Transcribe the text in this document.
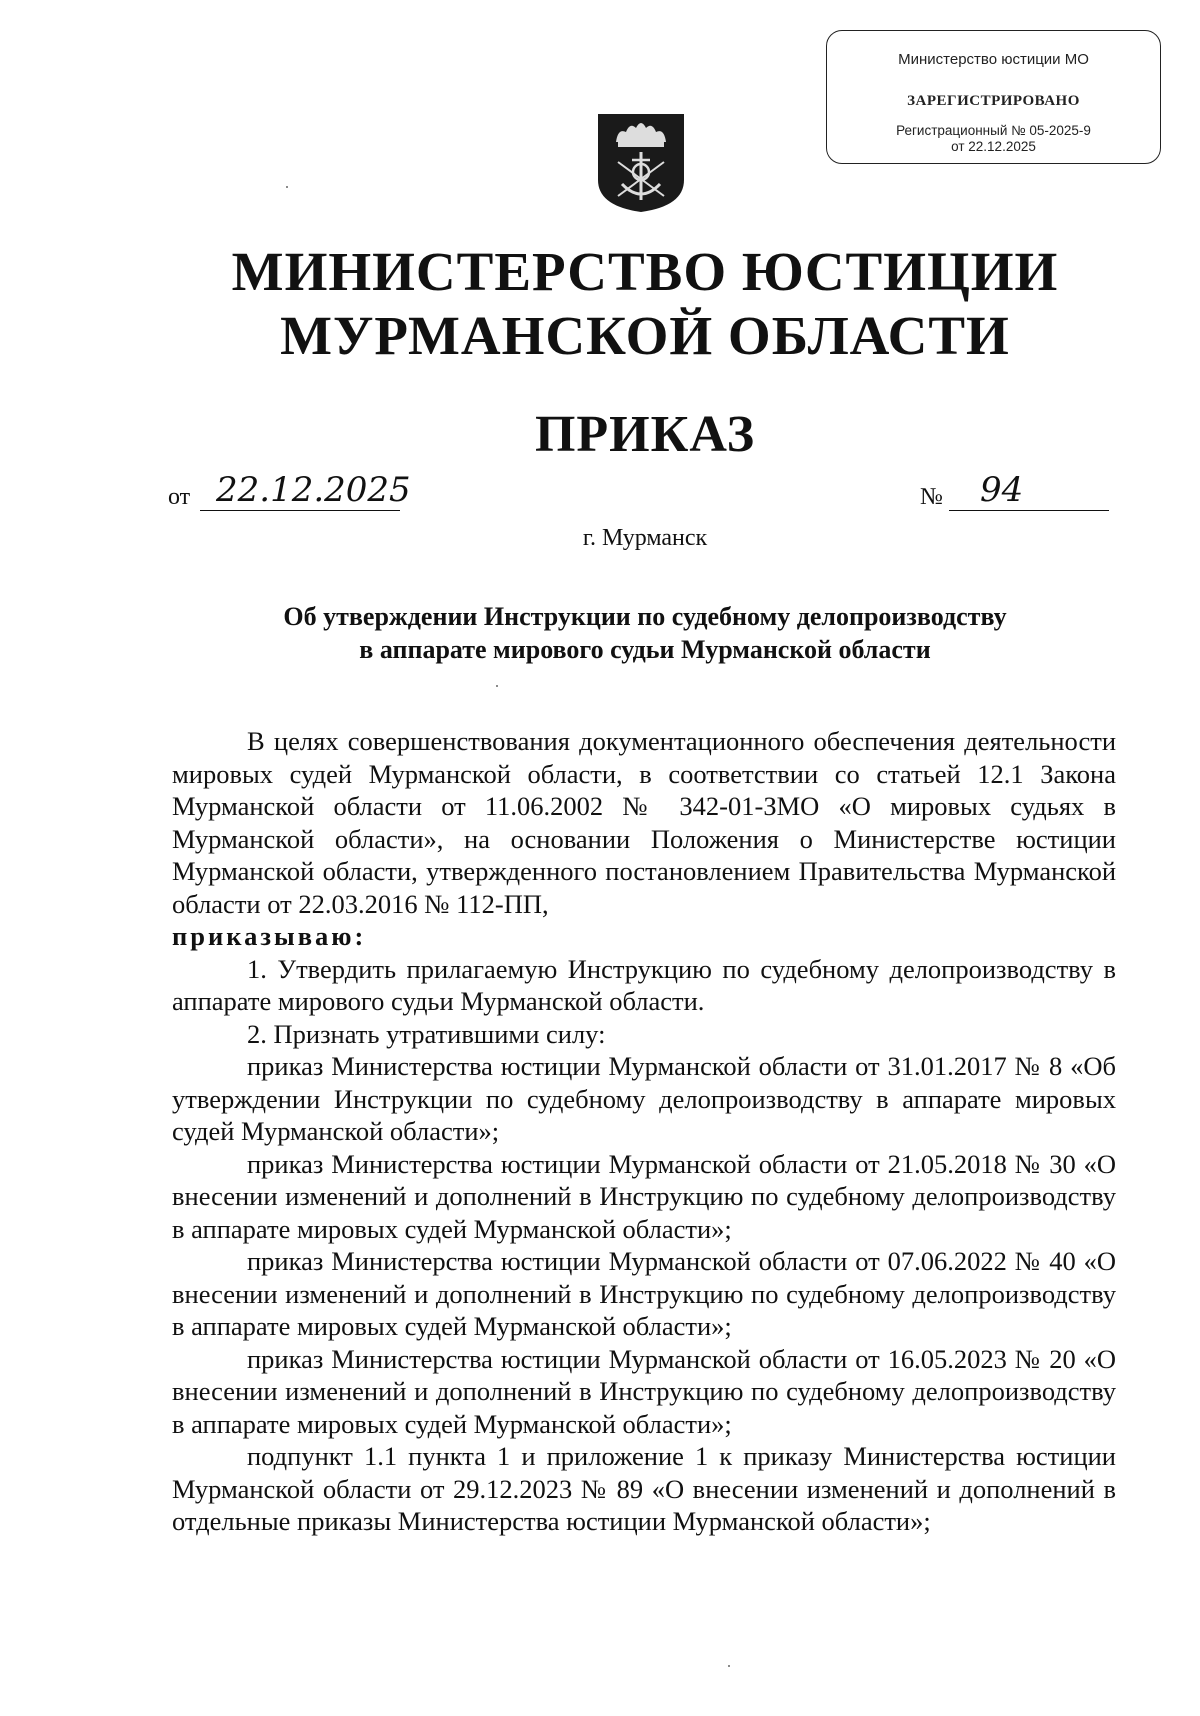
Министерство юстиции МО
ЗАРЕГИСТРИРОВАНО
Регистрационный № 05-2025-9
от 22.12.2025
МИНИСТЕРСТВО ЮСТИЦИИ
МУРМАНСКОЙ ОБЛАСТИ
ПРИКАЗ
от 22.12.2025	№ 94
г. Мурманск
Об утверждении Инструкции по судебному делопроизводству
в аппарате мирового судьи Мурманской области

В целях совершенствования документационного обеспечения деятельности мировых судей Мурманской области, в соответствии со статьей 12.1 Закона Мурманской области от 11.06.2002 № 342-01-ЗМО «О мировых судьях в Мурманской области», на основании Положения о Министерстве юстиции Мурманской области, утвержденного постановлением Правительства Мурманской области от 22.03.2016 № 112-ПП,

приказываю:

1. Утвердить прилагаемую Инструкцию по судебному делопроизводству в аппарате мирового судьи Мурманской области.

2. Признать утратившими силу:

приказ Министерства юстиции Мурманской области от 31.01.2017 № 8 «Об утверждении Инструкции по судебному делопроизводству в аппарате мировых судей Мурманской области»;

приказ Министерства юстиции Мурманской области от 21.05.2018 № 30 «О внесении изменений и дополнений в Инструкцию по судебному делопроизводству в аппарате мировых судей Мурманской области»;

приказ Министерства юстиции Мурманской области от 07.06.2022 № 40 «О внесении изменений и дополнений в Инструкцию по судебному делопроизводству в аппарате мировых судей Мурманской области»;

приказ Министерства юстиции Мурманской области от 16.05.2023 № 20 «О внесении изменений и дополнений в Инструкцию по судебному делопроизводству в аппарате мировых судей Мурманской области»;

подпункт 1.1 пункта 1 и приложение 1 к приказу Министерства юстиции Мурманской области от 29.12.2023 № 89 «О внесении изменений и дополнений в отдельные приказы Министерства юстиции Мурманской области»;
